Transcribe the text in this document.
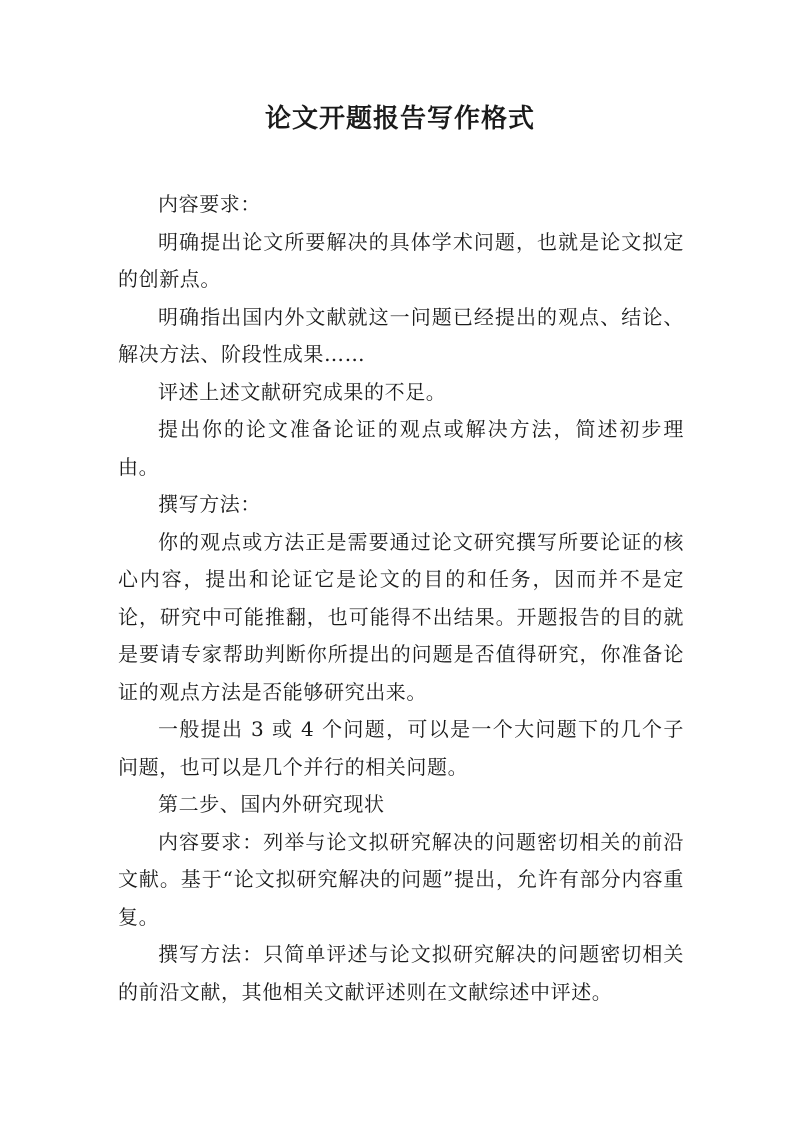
论文开题报告写作格式

内容要求：

明确提出论文所要解决的具体学术问题，也就是论文拟定的创新点。

明确指出国内外文献就这一问题已经提出的观点、结论、解决方法、阶段性成果……

评述上述文献研究成果的不足。

提出你的论文准备论证的观点或解决方法，简述初步理由。

撰写方法：

你的观点或方法正是需要通过论文研究撰写所要论证的核心内容，提出和论证它是论文的目的和任务，因而并不是定论，研究中可能推翻，也可能得不出结果。开题报告的目的就是要请专家帮助判断你所提出的问题是否值得研究，你准备论证的观点方法是否能够研究出来。

一般提出 3 或 4 个问题，可以是一个大问题下的几个子问题，也可以是几个并行的相关问题。

第二步、国内外研究现状

内容要求：列举与论文拟研究解决的问题密切相关的前沿文献。基于“论文拟研究解决的问题”提出，允许有部分内容重复。

撰写方法：只简单评述与论文拟研究解决的问题密切相关的前沿文献，其他相关文献评述则在文献综述中评述。
